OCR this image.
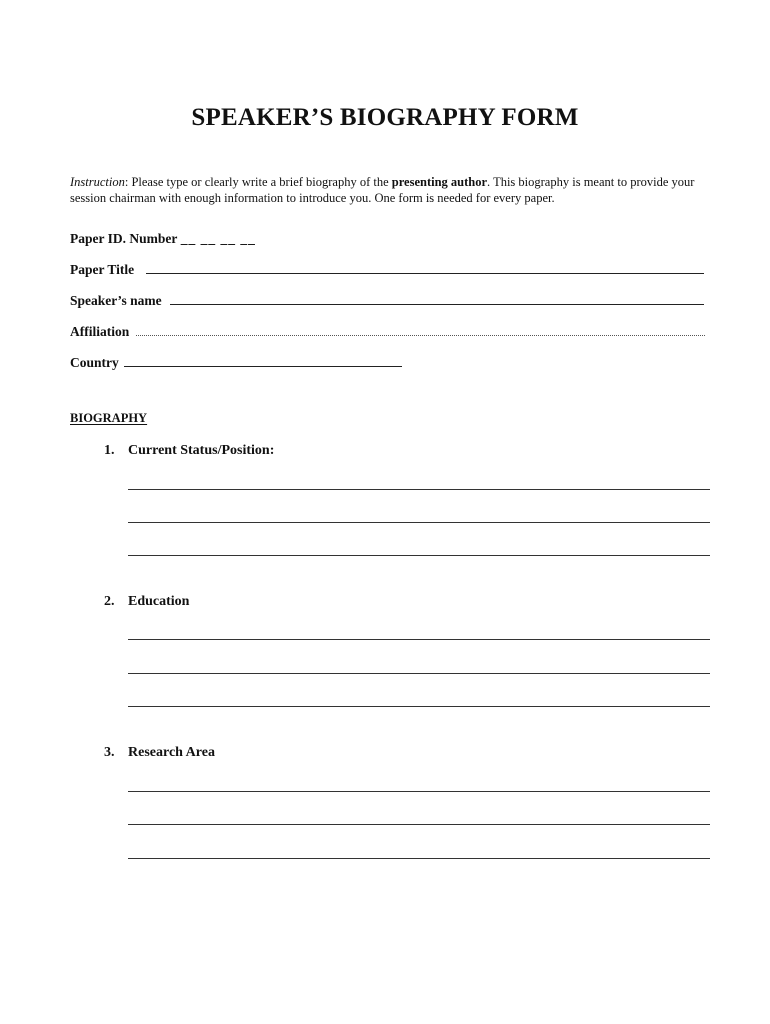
SPEAKER’S BIOGRAPHY FORM
Instruction: Please type or clearly write a brief biography of the presenting author. This biography is meant to provide your session chairman with enough information to introduce you. One form is needed for every paper.
Paper ID. Number __ __ __ __
Paper Title
Speaker’s name
Affiliation
Country
BIOGRAPHY
1. Current Status/Position:
2. Education
3. Research Area
